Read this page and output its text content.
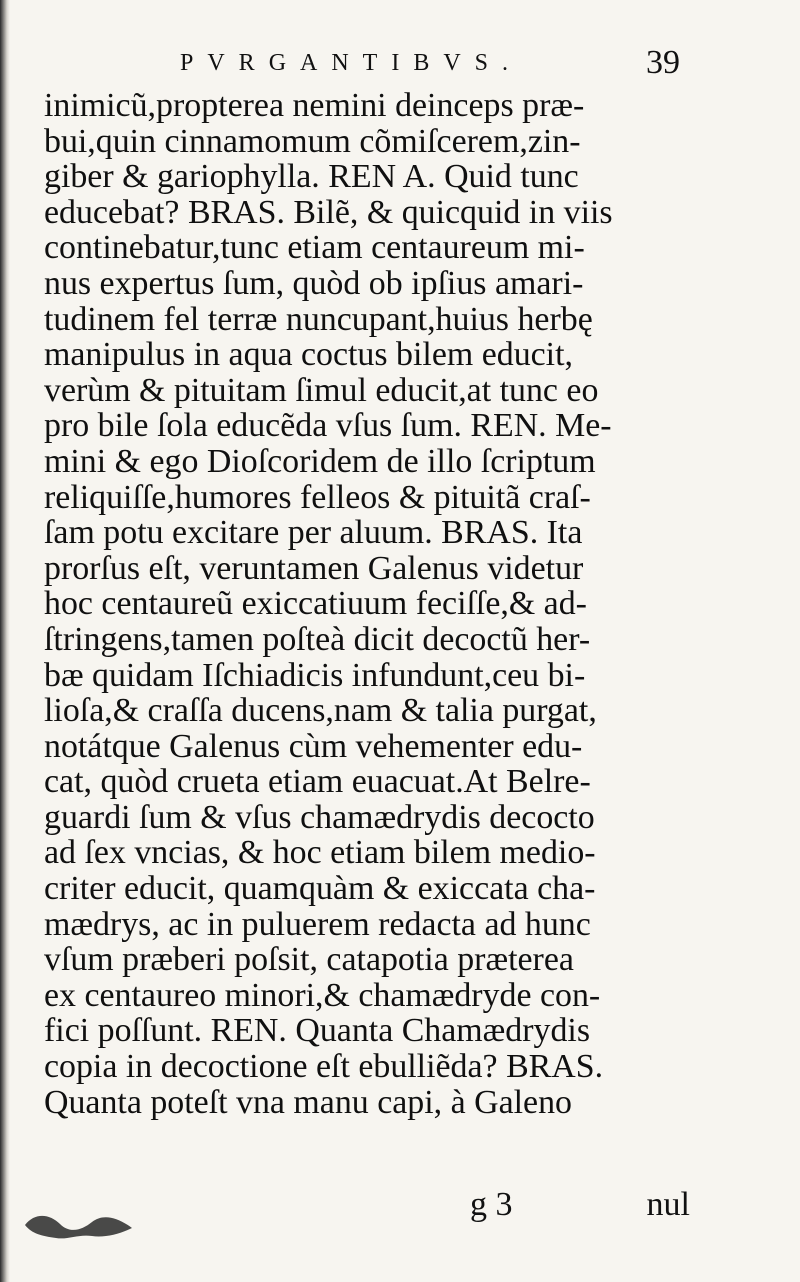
PVRGANTIBVS.	39
inimicũ,propterea nemini deinceps præ-
bui,quin cinnamomum cõmiſcerem,zin-
giber & gariophylla. REN A. Quid tunc
educebat? BRAS. Bilẽ, & quicquid in viis
continebatur,tunc etiam centaureum mi-
nus expertus ſum, quòd ob ipſius amari-
tudinem fel terræ nuncupant,huius herbę
manipulus in aqua coctus bilem educit,
verùm & pituitam ſimul educit,at tunc eo
pro bile ſola educẽda vſus ſum. REN. Me-
mini & ego Dioſcoridem de illo ſcriptum
reliquiſſe,humores felleos & pituitã craſ-
ſam potu excitare per aluum. BRAS. Ita
prorſus eſt, veruntamen Galenus videtur
hoc centaureũ exiccatiuum feciſſe,& ad-
ſtringens,tamen poſteà dicit decoctũ her-
bæ quidam Iſchiadicis infundunt,ceu bi-
lioſa,& craſſa ducens,nam & talia purgat,
notátque Galenus cùm vehementer edu-
cat, quòd crueta etiam euacuat.At Belre-
guardi ſum & vſus chamædrydis decocto
ad ſex vncias, & hoc etiam bilem medio-
criter educit, quamquàm & exiccata cha-
mædrys, ac in puluerem redacta ad hunc
vſum præberi poſsit, catapotia præterea
ex centaureo minori,& chamædryde con-
fici poſſunt. REN. Quanta Chamædrydis
copia in decoctione eſt ebulliẽda? BRAS.
Quanta poteſt vna manu capi, à Galeno
g 3	nul
